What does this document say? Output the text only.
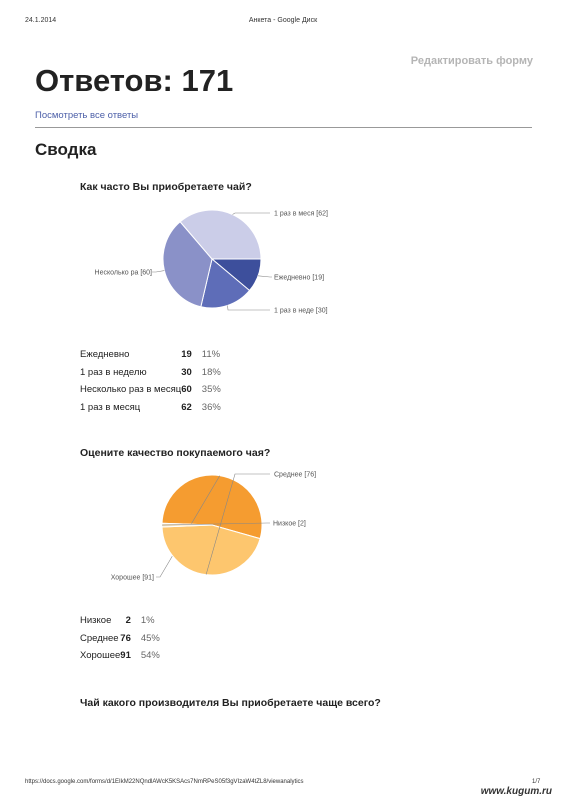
24.1.2014	Анкета - Google Диск
Редактировать форму
Ответов: 171
Посмотреть все ответы
Сводка
Как часто Вы приобретаете чай?
Ежедневно [19]
1 раз в неде [30]
Несколько ра [60]
1 раз в меся [62]
Ежедневно	19	11%
1 раз в неделю	30	18%
Несколько раз в месяц	60	35%
1 раз в месяц	62	36%
Оцените качество покупаемого чая?
Хорошее [91]
Среднее [76]
Низкое [2]
Низкое	2	1%
Среднее	76	45%
Хорошее	91	54%
Чай какого производителя Вы приобретаете чаще всего?
https://docs.google.com/forms/d/1EIkM22NQndlAWcK5KSAcs7NmRPeS05f3gVIzaW4tZL8/viewanalytics	1/7
www.kugum.ru
